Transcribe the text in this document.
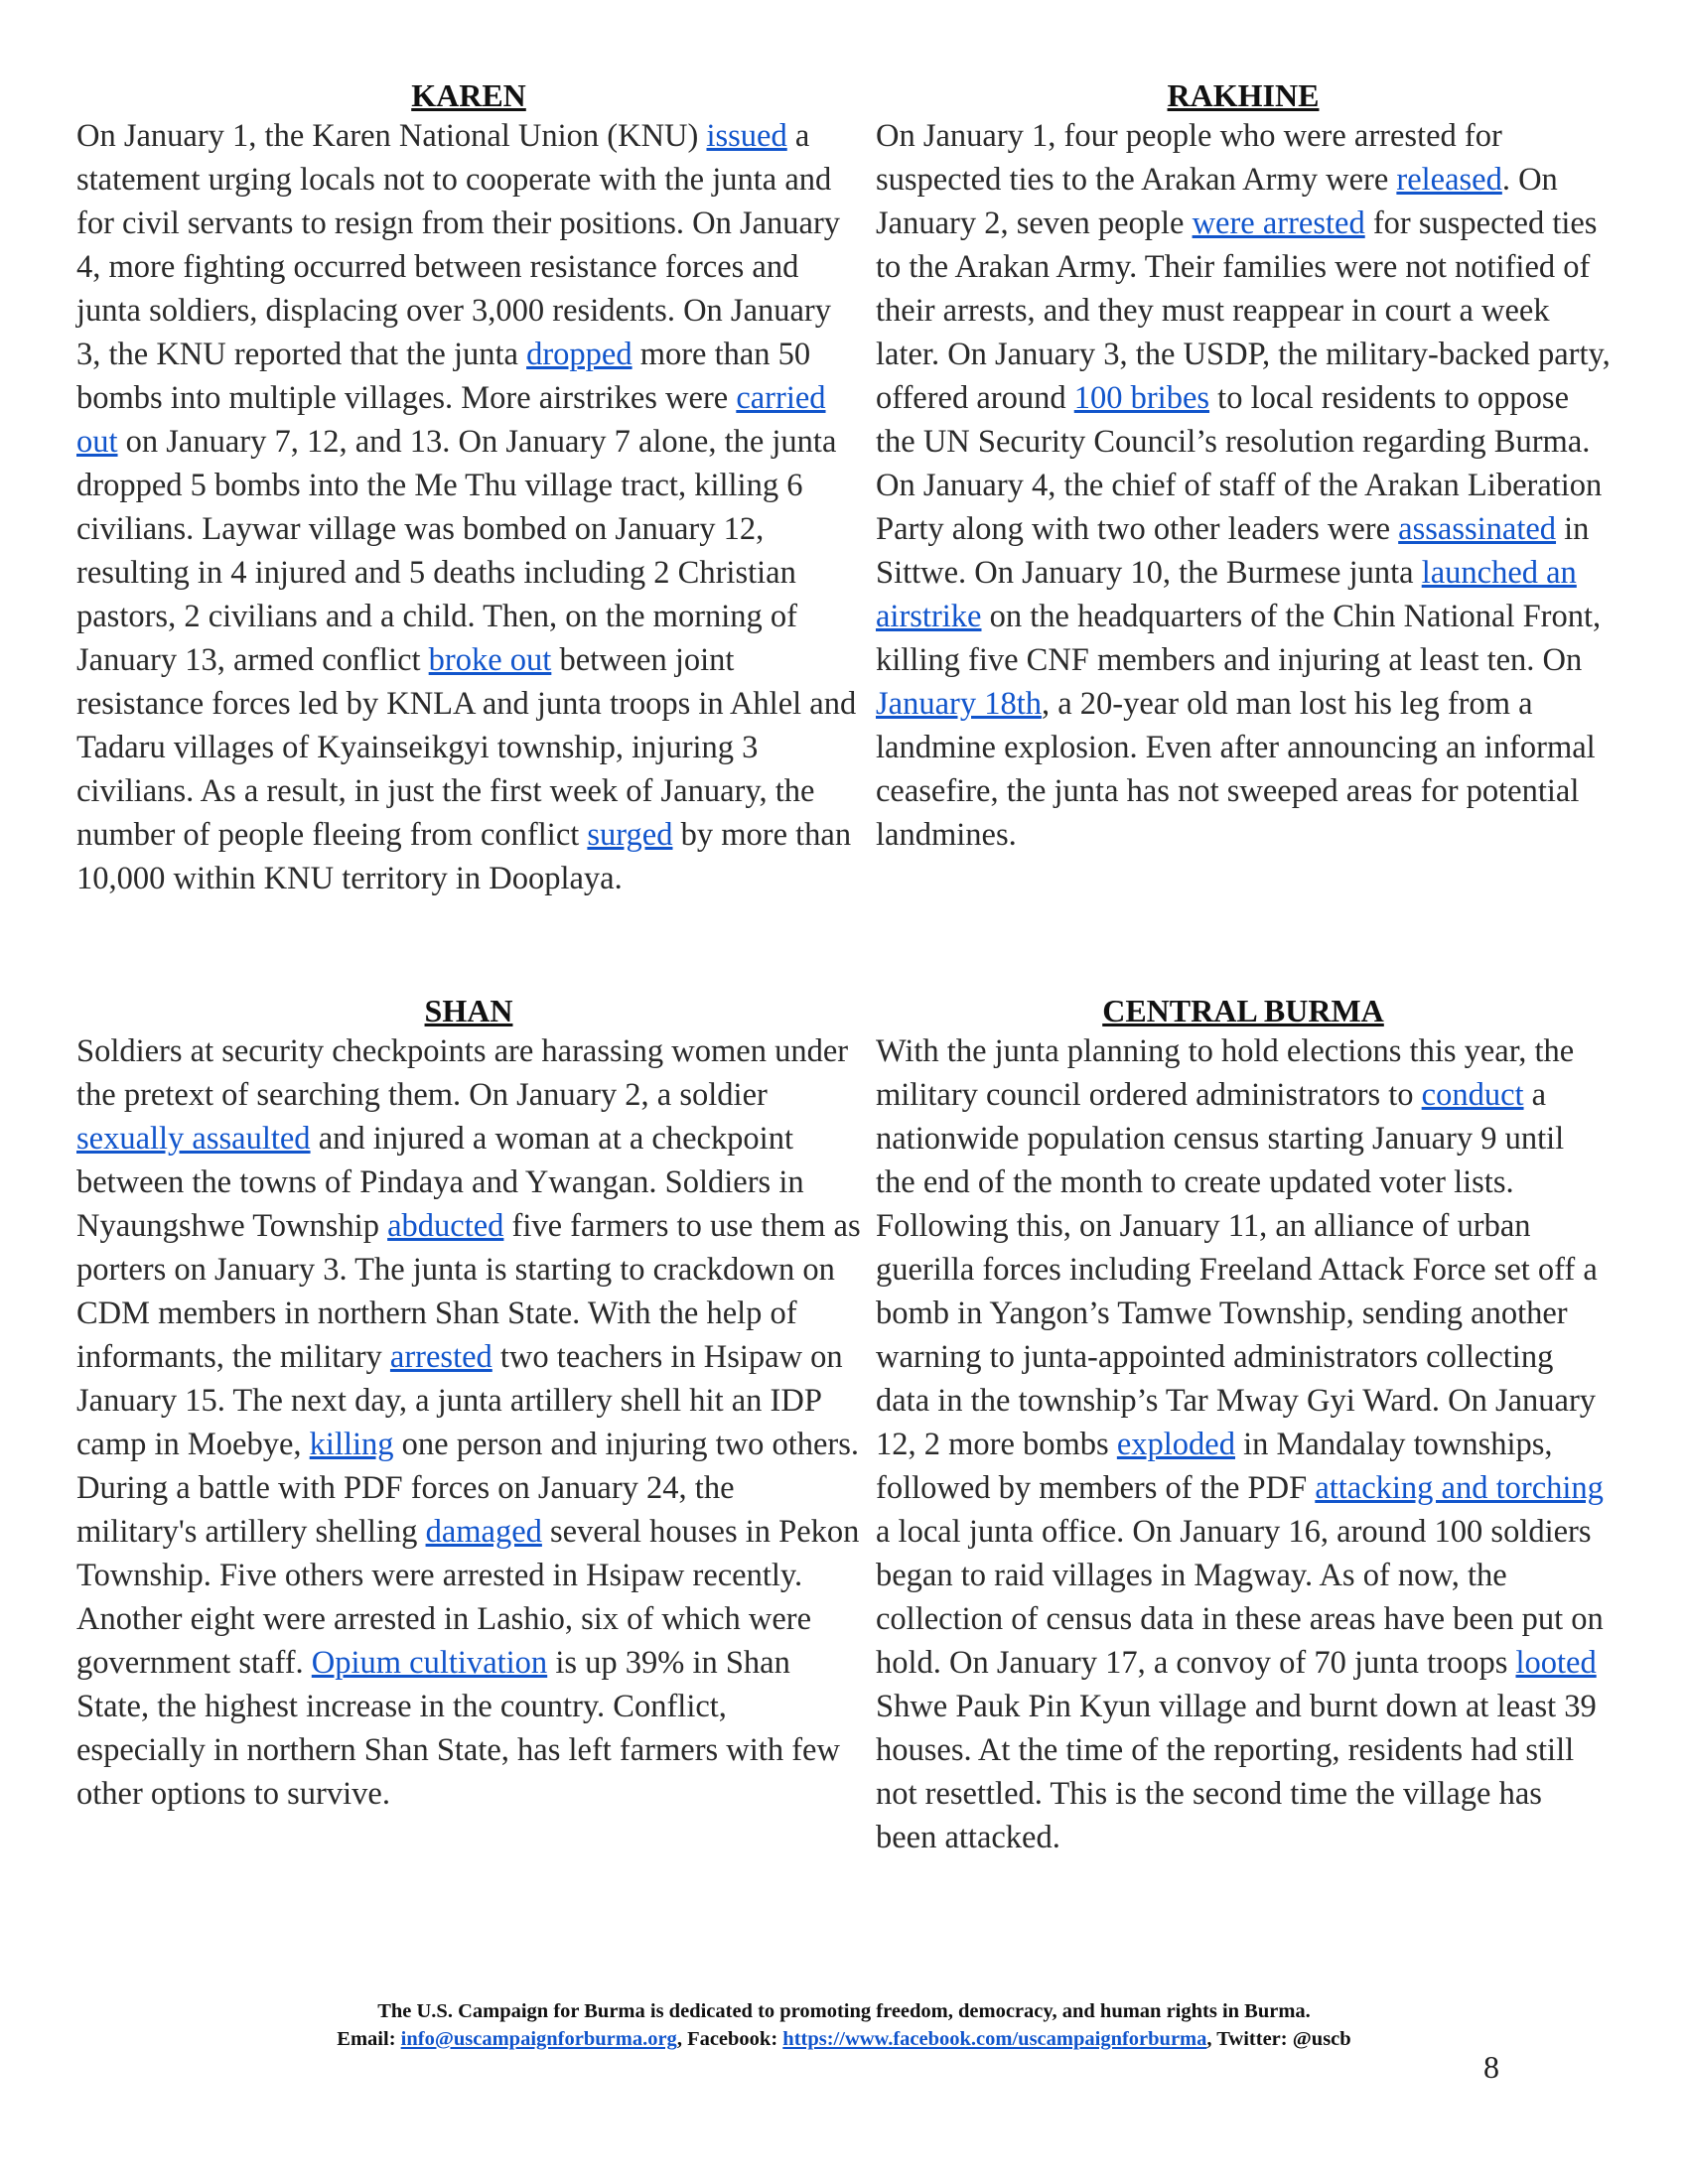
KAREN

On January 1, the Karen National Union (KNU) issued a statement urging locals not to cooperate with the junta and for civil servants to resign from their positions. On January 4, more fighting occurred between resistance forces and junta soldiers, displacing over 3,000 residents. On January 3, the KNU reported that the junta dropped more than 50 bombs into multiple villages. More airstrikes were carried out on January 7, 12, and 13. On January 7 alone, the junta dropped 5 bombs into the Me Thu village tract, killing 6 civilians. Laywar village was bombed on January 12, resulting in 4 injured and 5 deaths including 2 Christian pastors, 2 civilians and a child. Then, on the morning of January 13, armed conflict broke out between joint resistance forces led by KNLA and junta troops in Ahlel and Tadaru villages of Kyainseikgyi township, injuring 3 civilians. As a result, in just the first week of January, the number of people fleeing from conflict surged by more than 10,000 within KNU territory in Dooplaya.

RAKHINE

On January 1, four people who were arrested for suspected ties to the Arakan Army were released. On January 2, seven people were arrested for suspected ties to the Arakan Army. Their families were not notified of their arrests, and they must reappear in court a week later. On January 3, the USDP, the military-backed party, offered around 100 bribes to local residents to oppose the UN Security Council’s resolution regarding Burma. On January 4, the chief of staff of the Arakan Liberation Party along with two other leaders were assassinated in Sittwe. On January 10, the Burmese junta launched an airstrike on the headquarters of the Chin National Front, killing five CNF members and injuring at least ten. On January 18th, a 20-year old man lost his leg from a landmine explosion. Even after announcing an informal ceasefire, the junta has not sweeped areas for potential landmines.

SHAN

Soldiers at security checkpoints are harassing women under the pretext of searching them. On January 2, a soldier sexually assaulted and injured a woman at a checkpoint between the towns of Pindaya and Ywangan. Soldiers in Nyaungshwe Township abducted five farmers to use them as porters on January 3. The junta is starting to crackdown on CDM members in northern Shan State. With the help of informants, the military arrested two teachers in Hsipaw on January 15. The next day, a junta artillery shell hit an IDP camp in Moebye, killing one person and injuring two others. During a battle with PDF forces on January 24, the military's artillery shelling damaged several houses in Pekon Township. Five others were arrested in Hsipaw recently. Another eight were arrested in Lashio, six of which were government staff. Opium cultivation is up 39% in Shan State, the highest increase in the country. Conflict, especially in northern Shan State, has left farmers with few other options to survive.

CENTRAL BURMA

With the junta planning to hold elections this year, the military council ordered administrators to conduct a nationwide population census starting January 9 until the end of the month to create updated voter lists. Following this, on January 11, an alliance of urban guerilla forces including Freeland Attack Force set off a bomb in Yangon’s Tamwe Township, sending another warning to junta-appointed administrators collecting data in the township’s Tar Mway Gyi Ward. On January 12, 2 more bombs exploded in Mandalay townships, followed by members of the PDF attacking and torching a local junta office. On January 16, around 100 soldiers began to raid villages in Magway. As of now, the collection of census data in these areas have been put on hold. On January 17, a convoy of 70 junta troops looted Shwe Pauk Pin Kyun village and burnt down at least 39 houses. At the time of the reporting, residents had still not resettled. This is the second time the village has been attacked.

The U.S. Campaign for Burma is dedicated to promoting freedom, democracy, and human rights in Burma.

Email: info@uscampaignforburma.org, Facebook: https://www.facebook.com/uscampaignforburma, Twitter: @uscb

8
